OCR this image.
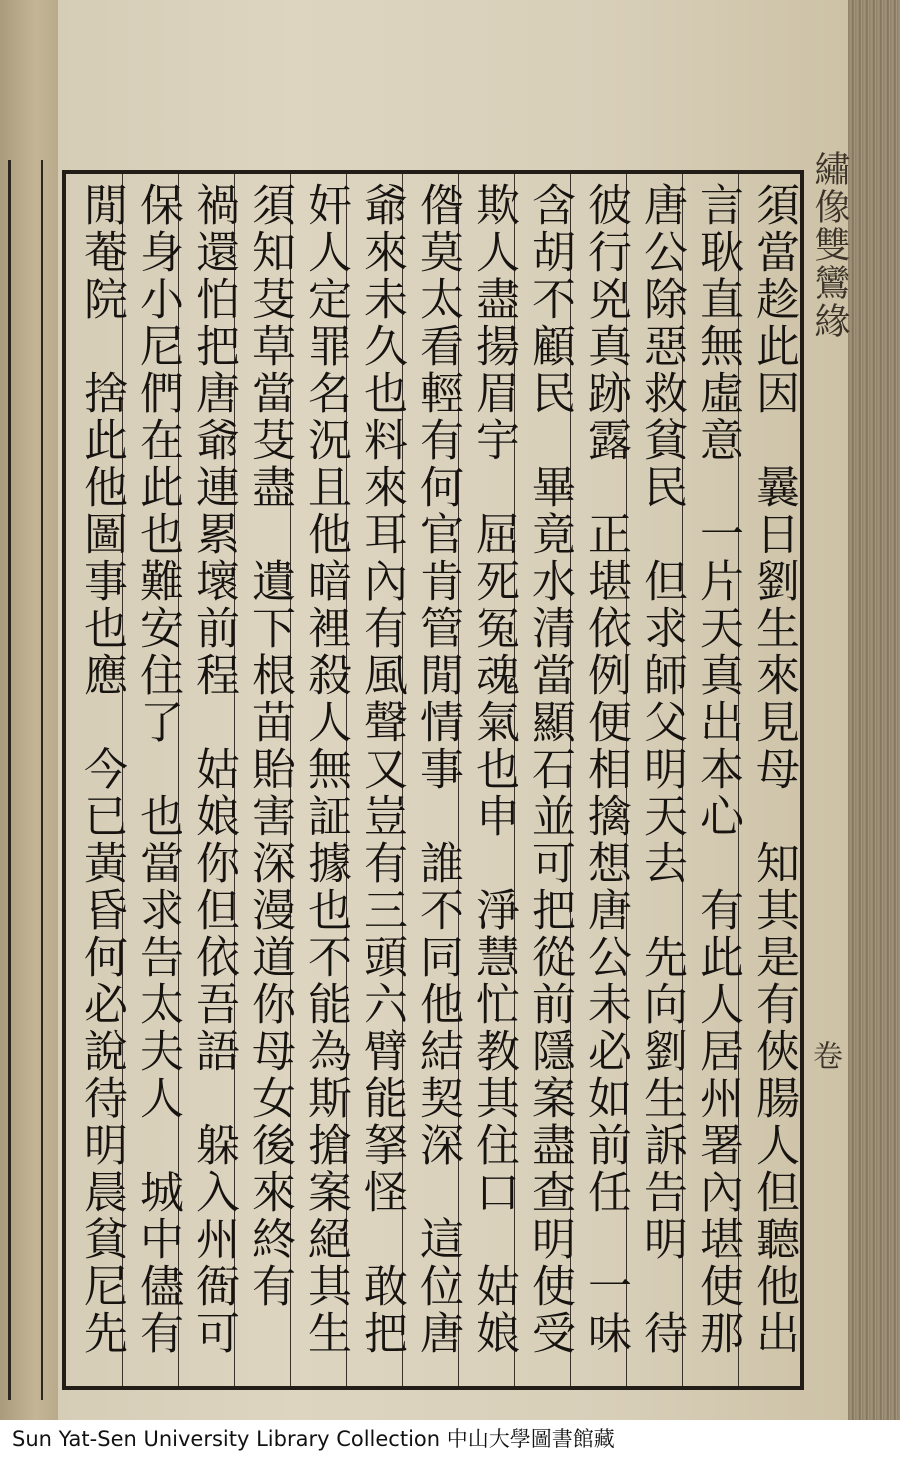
繡像雙鸞緣
卷
須當趁此因　曩日劉生來見母　知其是有俠腸人但聽他出
言耿直無虛意　一片天真出本心　有此人居州署內堪使那
唐公除惡救貧民　但求師父明天去　先向劉生訴告明　待
彼行兇真跡露　正堪依例便相擒想唐公未必如前任　一味
含胡不顧民　畢竟水清當顯石並可把從前隱案盡查明使受
欺人盡揚眉宇　屈死冤魂氣也申　淨慧忙教其住口　姑娘
偺莫太看輕有何官肯管閒情事　誰不同他結契深　這位唐
爺來未久也料來耳內有風聲又豈有三頭六臂能拏怪　敢把
奸人定罪名況且他暗裡殺人無証據也不能為斯搶案絕其生
須知芟草當芟盡　遺下根苗貽害深漫道你母女後來終有
禍還怕把唐爺連累壞前程　姑娘你但依吾語　躲入州衙可
保身小尼們在此也難安住了　也當求告太夫人　城中儘有
閒菴院　捨此他圖事也應　今已黃昏何必說待明晨貧尼先
Sun Yat-Sen University Library Collection 中山大學圖書館藏
